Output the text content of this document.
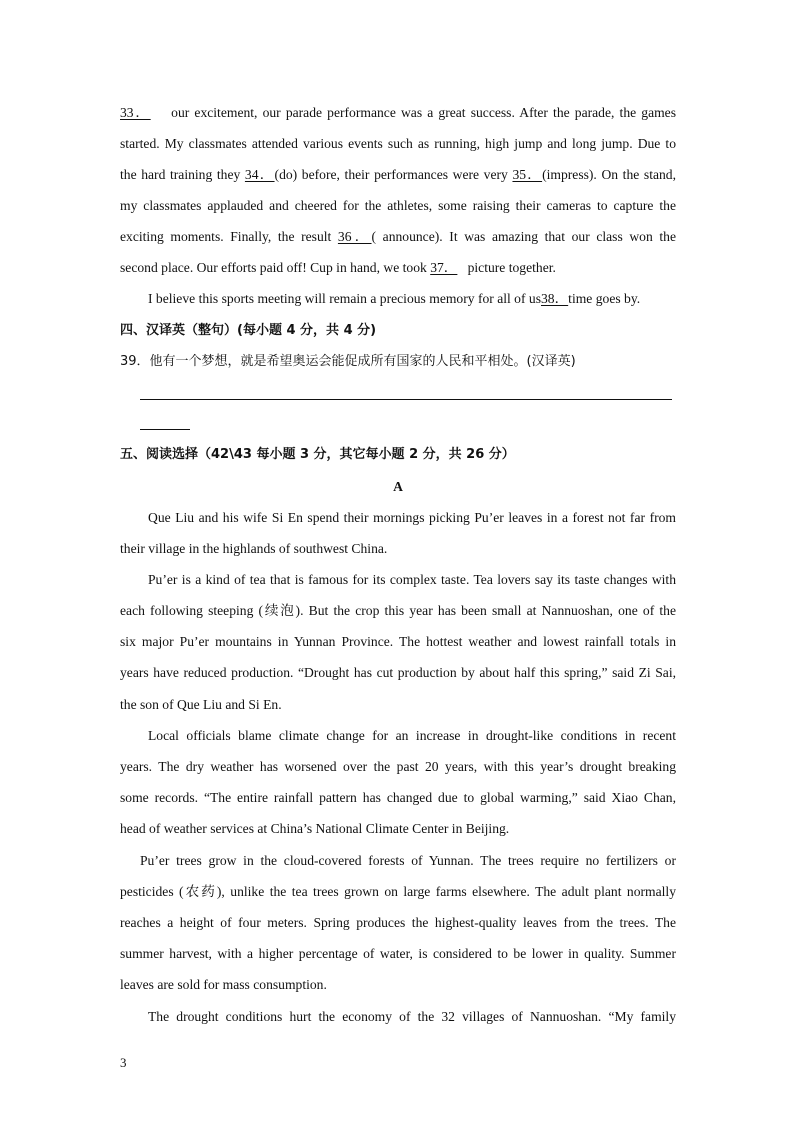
33． our excitement, our parade performance was a great success. After the parade, the games
started. My classmates attended various events such as running, high jump and long jump. Due to
the hard training they 34．(do) before, their performances were very 35．(impress). On the stand,
my classmates applauded and cheered for the athletes, some raising their cameras to capture the
exciting moments. Finally, the result 36．( announce). It was amazing that our class won the
second place. Our efforts paid off! Cup in hand, we took 37． picture together.
I believe this sports meeting will remain a precious memory for all of us38．time goes by.
四、汉译英（整句）(每小题 4 分，共 4 分)
39．他有一个梦想，就是希望奥运会能促成所有国家的人民和平相处。(汉译英)
五、阅读选择（42\43 每小题 3 分，其它每小题 2 分，共 26 分）
A
Que Liu and his wife Si En spend their mornings picking Pu’er leaves in a forest not far from
their village in the highlands of southwest China.
Pu’er is a kind of tea that is famous for its complex taste. Tea lovers say its taste changes with
each following steeping (续泡). But the crop this year has been small at Nannuoshan, one of the
six major Pu’er mountains in Yunnan Province. The hottest weather and lowest rainfall totals in
years have reduced production. “Drought has cut production by about half this spring,” said Zi Sai,
the son of Que Liu and Si En.
Local officials blame climate change for an increase in drought-like conditions in recent
years. The dry weather has worsened over the past 20 years, with this year’s drought breaking
some records. “The entire rainfall pattern has changed due to global warming,” said Xiao Chan,
head of weather services at China’s National Climate Center in Beijing.
Pu’er trees grow in the cloud-covered forests of Yunnan. The trees require no fertilizers or
pesticides (农药), unlike the tea trees grown on large farms elsewhere. The adult plant normally
reaches a height of four meters. Spring produces the highest-quality leaves from the trees. The
summer harvest, with a higher percentage of water, is considered to be lower in quality. Summer
leaves are sold for mass consumption.
The drought conditions hurt the economy of the 32 villages of Nannuoshan. “My family
3
